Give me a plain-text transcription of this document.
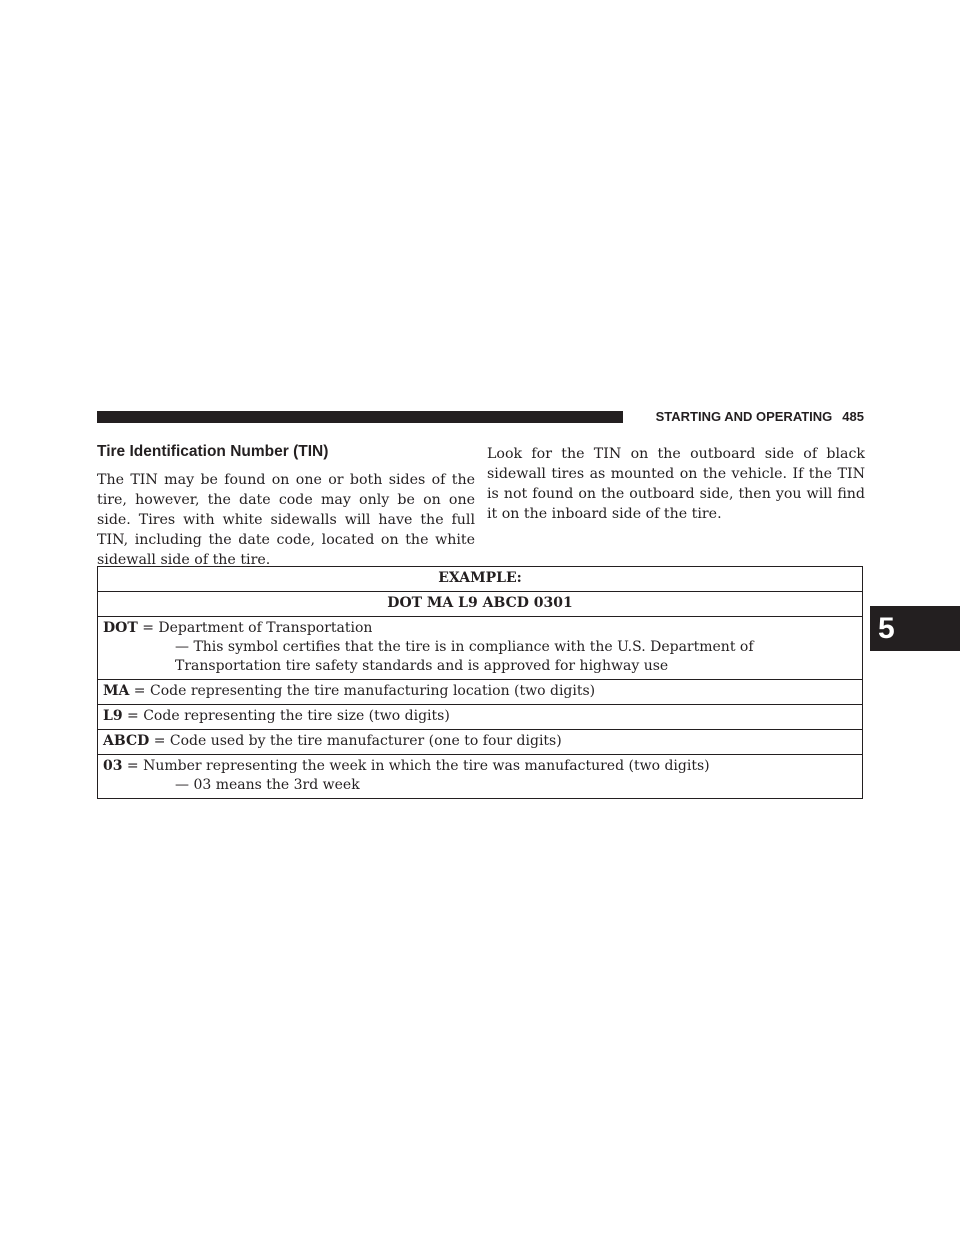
STARTING AND OPERATING 485
Tire Identification Number (TIN)
The TIN may be found on one or both sides of the tire, however, the date code may only be on one side. Tires with white sidewalls will have the full TIN, including the date code, located on the white sidewall side of the tire.
Look for the TIN on the outboard side of black sidewall tires as mounted on the vehicle. If the TIN is not found on the outboard side, then you will find it on the inboard side of the tire.
5
EXAMPLE:
DOT MA L9 ABCD 0301
DOT = Department of Transportation
— This symbol certifies that the tire is in compliance with the U.S. Department of Transportation tire safety standards and is approved for highway use

MA = Code representing the tire manufacturing location (two digits)
L9 = Code representing the tire size (two digits)
ABCD = Code used by the tire manufacturer (one to four digits)
03 = Number representing the week in which the tire was manufactured (two digits)
— 03 means the 3rd week
